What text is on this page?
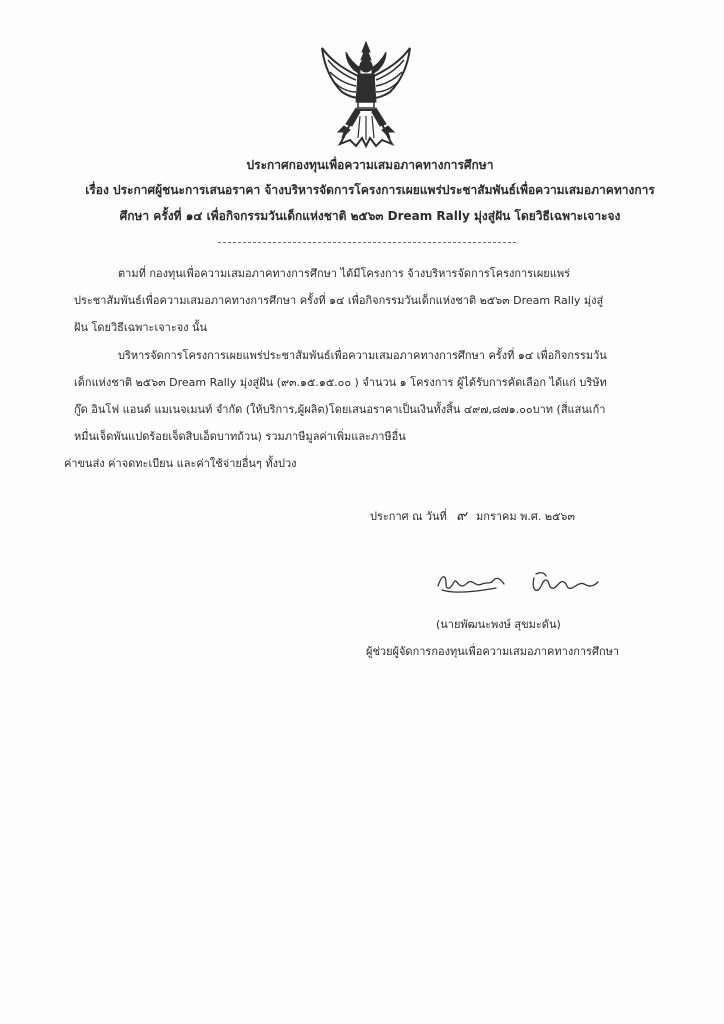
ประกาศกองทุนเพื่อความเสมอภาคทางการศึกษา
เรื่อง ประกาศผู้ชนะการเสนอราคา จ้างบริหารจัดการโครงการเผยแพร่ประชาสัมพันธ์เพื่อความเสมอภาคทางการ
ศึกษา ครั้งที่ ๑๔ เพื่อกิจกรรมวันเด็กแห่งชาติ ๒๕๖๓ Dream Rally มุ่งสู่ฝัน โดยวิธีเฉพาะเจาะจง
ตามที่ กองทุนเพื่อความเสมอภาคทางการศึกษา ได้มีโครงการ จ้างบริหารจัดการโครงการเผยแพร่
ประชาสัมพันธ์เพื่อความเสมอภาคทางการศึกษา ครั้งที่ ๑๔ เพื่อกิจกรรมวันเด็กแห่งชาติ ๒๕๖๓ Dream Rally มุ่งสู่
ฝัน โดยวิธีเฉพาะเจาะจง นั้น
บริหารจัดการโครงการเผยแพร่ประชาสัมพันธ์เพื่อความเสมอภาคทางการศึกษา ครั้งที่ ๑๔ เพื่อกิจกรรมวัน
เด็กแห่งชาติ ๒๕๖๓ Dream Rally มุ่งสู่ฝัน (๙๓.๑๕.๑๕.๐๐ ) จำนวน ๑ โครงการ ผู้ได้รับการคัดเลือก ได้แก่ บริษัท
กู๊ด อินโฟ แอนด์ แมเนจเมนท์ จำกัด (ให้บริการ,ผู้ผลิต)โดยเสนอราคาเป็นเงินทั้งสิ้น ๔๙๗,๘๗๑.๐๐บาท (สี่แสนเก้า
หมื่นเจ็ดพันแปดร้อยเจ็ดสิบเอ็ดบาทถ้วน) รวมภาษีมูลค่าเพิ่มและภาษีอื่น
ค่าขนส่ง ค่าจดทะเบียน และค่าใช้จ่ายอื่นๆ ทั้งปวง
ประกาศ ณ วันที่ ๙ มกราคม พ.ศ. ๒๕๖๓
(นายพัฒนะพงษ์ สุขมะดัน)
ผู้ช่วยผู้จัดการกองทุนเพื่อความเสมอภาคทางการศึกษา
